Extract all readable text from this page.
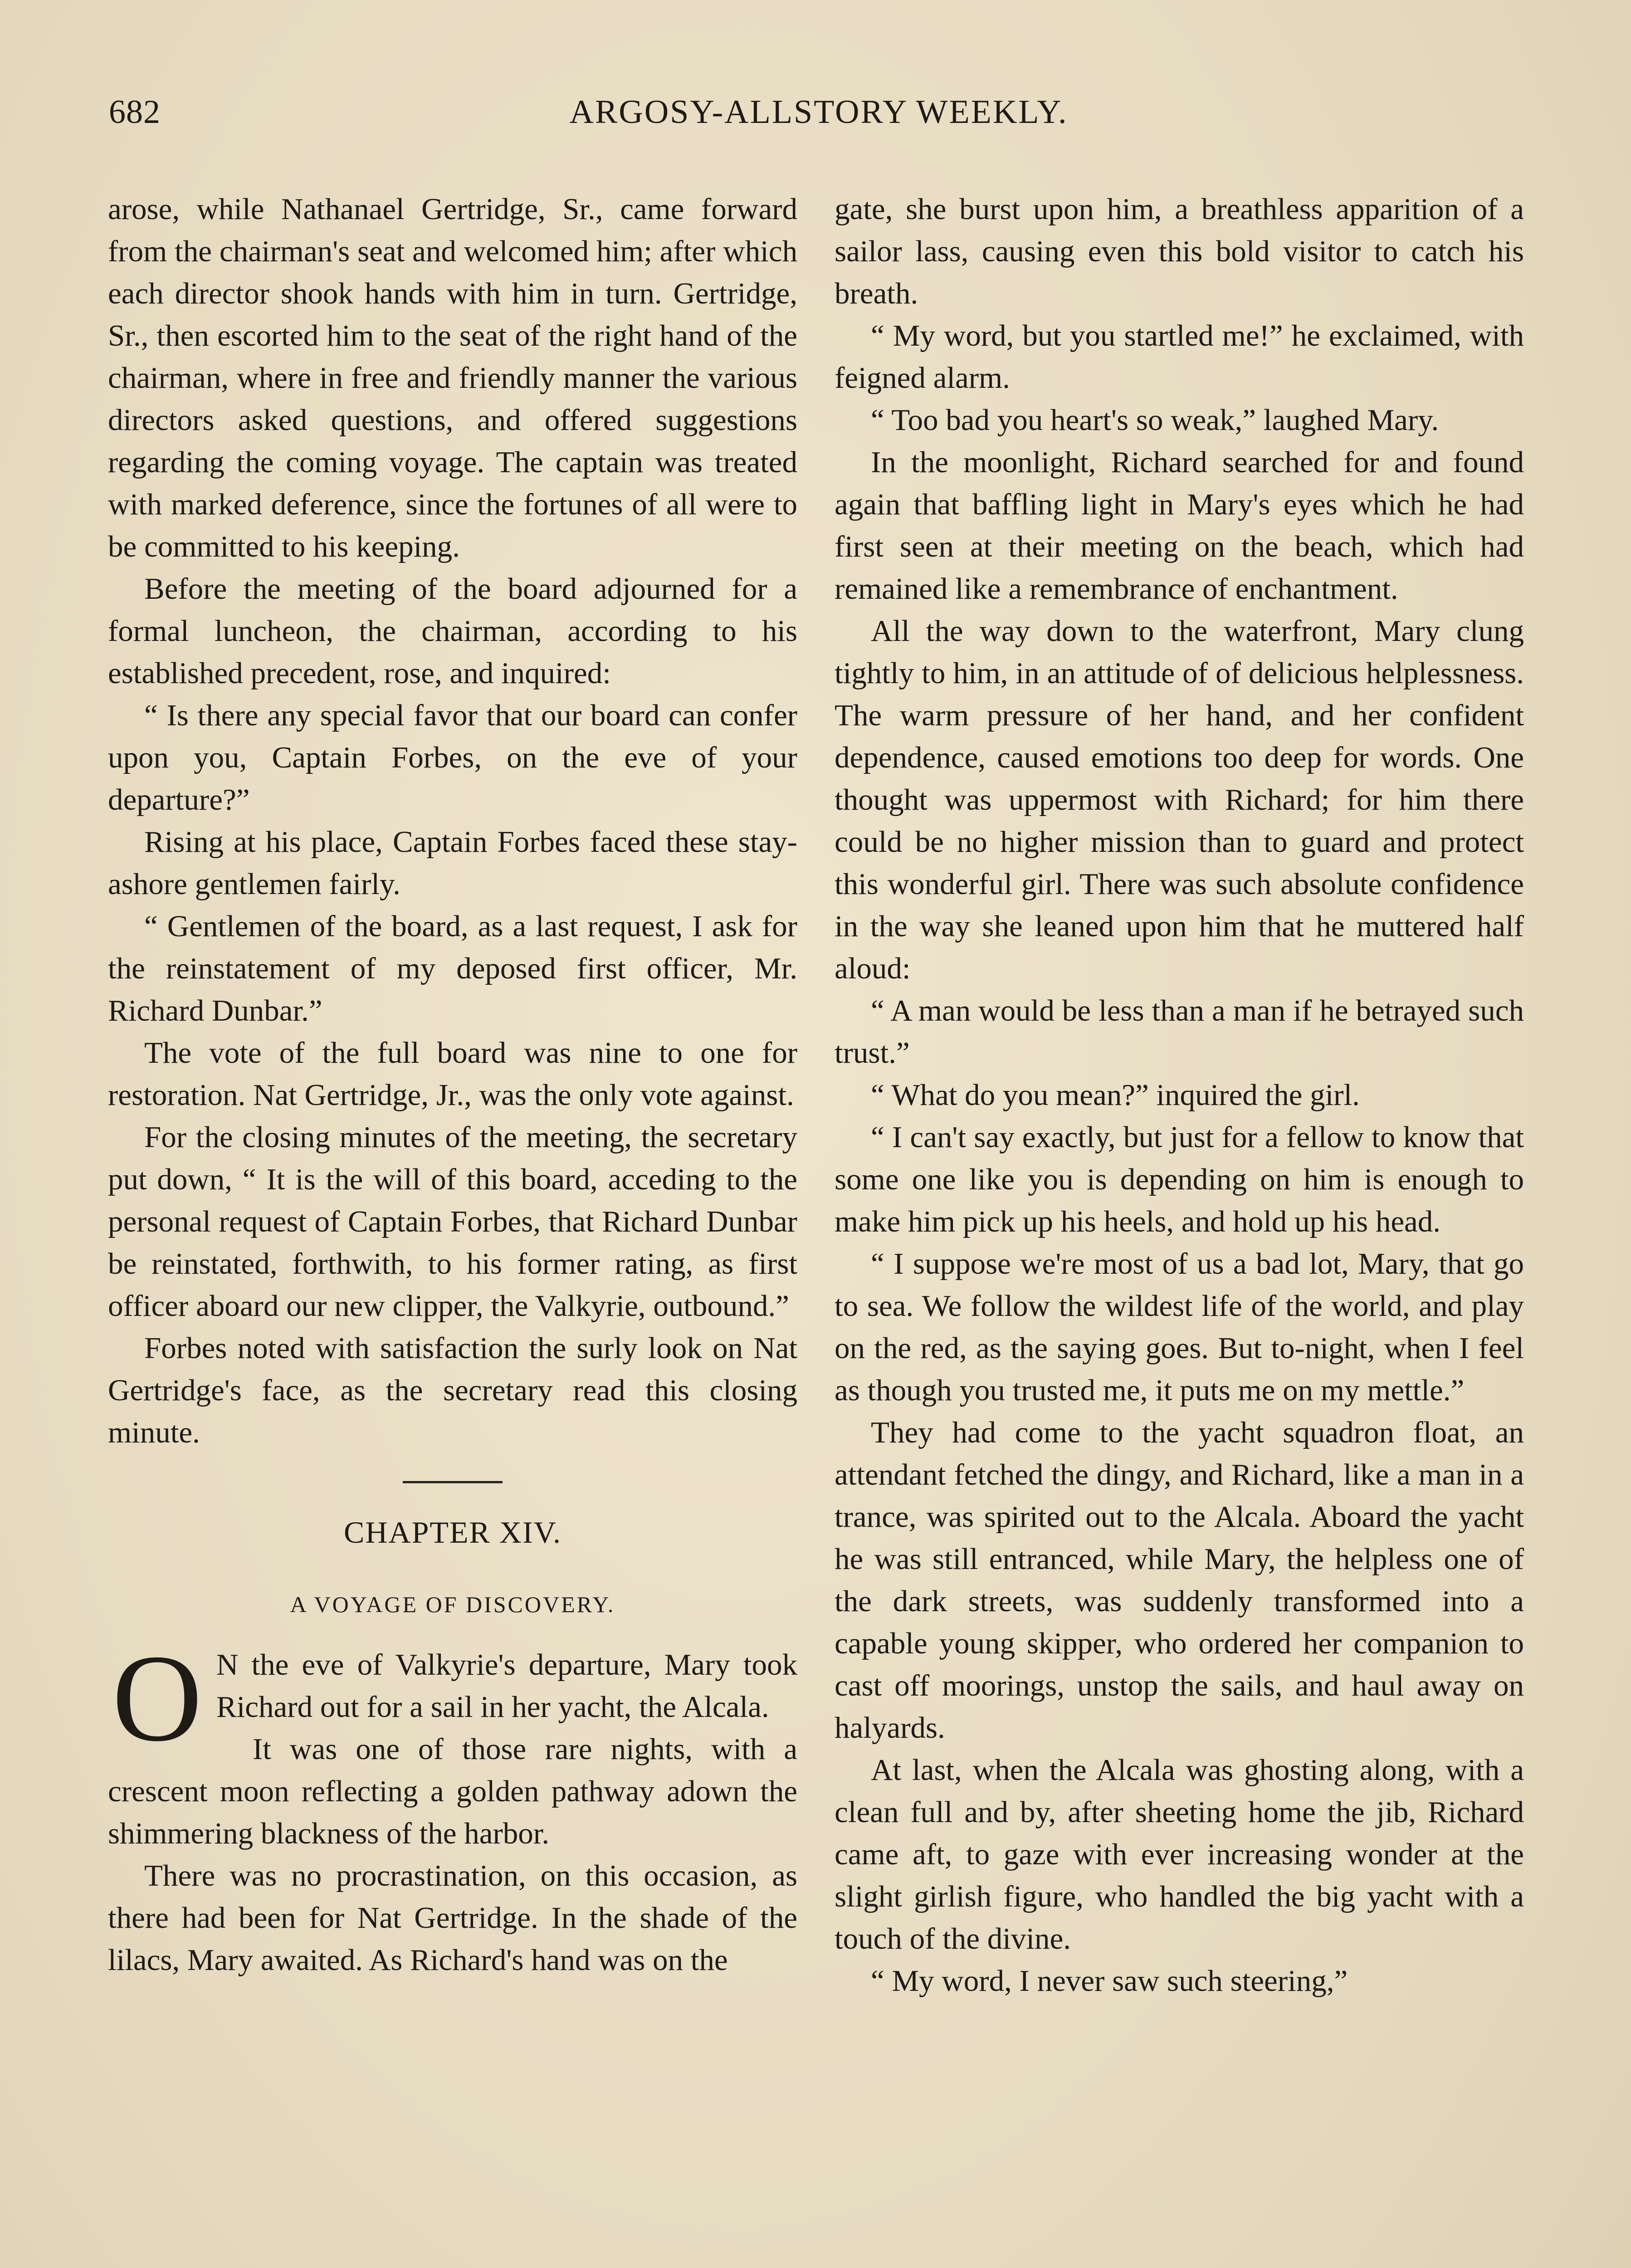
682	ARGOSY-ALLSTORY WEEKLY.

arose, while Nathanael Gertridge, Sr., came forward from the chairman's seat and welcomed him; after which each director shook hands with him in turn. Gertridge, Sr., then escorted him to the seat of the right hand of the chairman, where in free and friendly manner the various directors asked questions, and offered suggestions regarding the coming voyage. The captain was treated with marked deference, since the fortunes of all were to be committed to his keeping.

Before the meeting of the board adjourned for a formal luncheon, the chairman, according to his established precedent, rose, and inquired:

“ Is there any special favor that our board can confer upon you, Captain Forbes, on the eve of your departure?”

Rising at his place, Captain Forbes faced these stay-ashore gentlemen fairly.

“ Gentlemen of the board, as a last request, I ask for the reinstatement of my deposed first officer, Mr. Richard Dunbar.”

The vote of the full board was nine to one for restoration. Nat Gertridge, Jr., was the only vote against.

For the closing minutes of the meeting, the secretary put down, “ It is the will of this board, acceding to the personal request of Captain Forbes, that Richard Dunbar be reinstated, forthwith, to his former rating, as first officer aboard our new clipper, the Valkyrie, outbound.”

Forbes noted with satisfaction the surly look on Nat Gertridge's face, as the secretary read this closing minute.

CHAPTER XIV.
A VOYAGE OF DISCOVERY.

O N the eve of Valkyrie's departure, Mary took Richard out for a sail in her yacht, the Alcala.

It was one of those rare nights, with a crescent moon reflecting a golden pathway adown the shimmering blackness of the harbor.

There was no procrastination, on this occasion, as there had been for Nat Gertridge. In the shade of the lilacs, Mary awaited. As Richard's hand was on the

gate, she burst upon him, a breathless apparition of a sailor lass, causing even this bold visitor to catch his breath.

“ My word, but you startled me!” he exclaimed, with feigned alarm.

“ Too bad you heart's so weak,” laughed Mary.

In the moonlight, Richard searched for and found again that baffling light in Mary's eyes which he had first seen at their meeting on the beach, which had remained like a remembrance of enchantment.

All the way down to the waterfront, Mary clung tightly to him, in an attitude of of delicious helplessness. The warm pressure of her hand, and her confident dependence, caused emotions too deep for words. One thought was uppermost with Richard; for him there could be no higher mission than to guard and protect this wonderful girl. There was such absolute confidence in the way she leaned upon him that he muttered half aloud:

“ A man would be less than a man if he betrayed such trust.”

“ What do you mean?” inquired the girl.

“ I can't say exactly, but just for a fellow to know that some one like you is depending on him is enough to make him pick up his heels, and hold up his head.

“ I suppose we're most of us a bad lot, Mary, that go to sea. We follow the wildest life of the world, and play on the red, as the saying goes. But to-night, when I feel as though you trusted me, it puts me on my mettle.”

They had come to the yacht squadron float, an attendant fetched the dingy, and Richard, like a man in a trance, was spirited out to the Alcala. Aboard the yacht he was still entranced, while Mary, the helpless one of the dark streets, was suddenly transformed into a capable young skipper, who ordered her companion to cast off moorings, unstop the sails, and haul away on halyards.

At last, when the Alcala was ghosting along, with a clean full and by, after sheeting home the jib, Richard came aft, to gaze with ever increasing wonder at the slight girlish figure, who handled the big yacht with a touch of the divine.

“ My word, I never saw such steering,”
